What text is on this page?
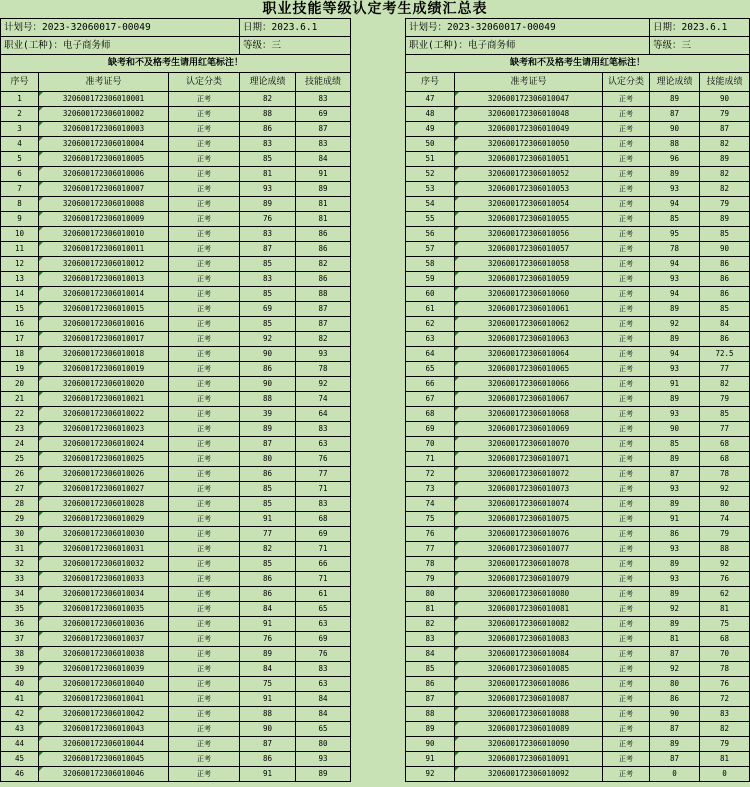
职业技能等级认定考生成绩汇总表
计划号：2023-32060017-00049			日期：2023.6.1	
职业(工种)：电子商务师			等级：三	
缺考和不及格考生请用红笔标注！				
序号	准考证号	认定分类	理论成绩	技能成绩
1	320600172306010001	正考	82	83
2	320600172306010002	正考	88	69
3	320600172306010003	正考	86	87
4	320600172306010004	正考	83	83
5	320600172306010005	正考	85	84
6	320600172306010006	正考	81	91
7	320600172306010007	正考	93	89
8	320600172306010008	正考	89	81
9	320600172306010009	正考	76	81
10	320600172306010010	正考	83	86
11	320600172306010011	正考	87	86
12	320600172306010012	正考	85	82
13	320600172306010013	正考	83	86
14	320600172306010014	正考	85	88
15	320600172306010015	正考	69	87
16	320600172306010016	正考	85	87
17	320600172306010017	正考	92	82
18	320600172306010018	正考	90	93
19	320600172306010019	正考	86	78
20	320600172306010020	正考	90	92
21	320600172306010021	正考	88	74
22	320600172306010022	正考	39	64
23	320600172306010023	正考	89	83
24	320600172306010024	正考	87	63
25	320600172306010025	正考	80	76
26	320600172306010026	正考	86	77
27	320600172306010027	正考	85	71
28	320600172306010028	正考	85	83
29	320600172306010029	正考	91	68
30	320600172306010030	正考	77	69
31	320600172306010031	正考	82	71
32	320600172306010032	正考	85	66
33	320600172306010033	正考	86	71
34	320600172306010034	正考	86	61
35	320600172306010035	正考	84	65
36	320600172306010036	正考	91	63
37	320600172306010037	正考	76	69
38	320600172306010038	正考	89	76
39	320600172306010039	正考	84	83
40	320600172306010040	正考	75	63
41	320600172306010041	正考	91	84
42	320600172306010042	正考	88	84
43	320600172306010043	正考	90	65
44	320600172306010044	正考	87	80
45	320600172306010045	正考	86	93
46	320600172306010046	正考	91	89
计划号：2023-32060017-00049			日期：2023.6.1	
职业(工种)：电子商务师			等级：三	
缺考和不及格考生请用红笔标注！				
序号	准考证号	认定分类	理论成绩	技能成绩
47	320600172306010047	正考	89	90
48	320600172306010048	正考	87	79
49	320600172306010049	正考	90	87
50	320600172306010050	正考	88	82
51	320600172306010051	正考	96	89
52	320600172306010052	正考	89	82
53	320600172306010053	正考	93	82
54	320600172306010054	正考	94	79
55	320600172306010055	正考	85	89
56	320600172306010056	正考	95	85
57	320600172306010057	正考	78	90
58	320600172306010058	正考	94	86
59	320600172306010059	正考	93	86
60	320600172306010060	正考	94	86
61	320600172306010061	正考	89	85
62	320600172306010062	正考	92	84
63	320600172306010063	正考	89	86
64	320600172306010064	正考	94	72.5
65	320600172306010065	正考	93	77
66	320600172306010066	正考	91	82
67	320600172306010067	正考	89	79
68	320600172306010068	正考	93	85
69	320600172306010069	正考	90	77
70	320600172306010070	正考	85	68
71	320600172306010071	正考	89	68
72	320600172306010072	正考	87	78
73	320600172306010073	正考	93	92
74	320600172306010074	正考	89	80
75	320600172306010075	正考	91	74
76	320600172306010076	正考	86	79
77	320600172306010077	正考	93	88
78	320600172306010078	正考	89	92
79	320600172306010079	正考	93	76
80	320600172306010080	正考	89	62
81	320600172306010081	正考	92	81
82	320600172306010082	正考	89	75
83	320600172306010083	正考	81	68
84	320600172306010084	正考	87	70
85	320600172306010085	正考	92	78
86	320600172306010086	正考	80	76
87	320600172306010087	正考	86	72
88	320600172306010088	正考	90	83
89	320600172306010089	正考	87	82
90	320600172306010090	正考	89	79
91	320600172306010091	正考	87	81
92	320600172306010092	正考	0	0
